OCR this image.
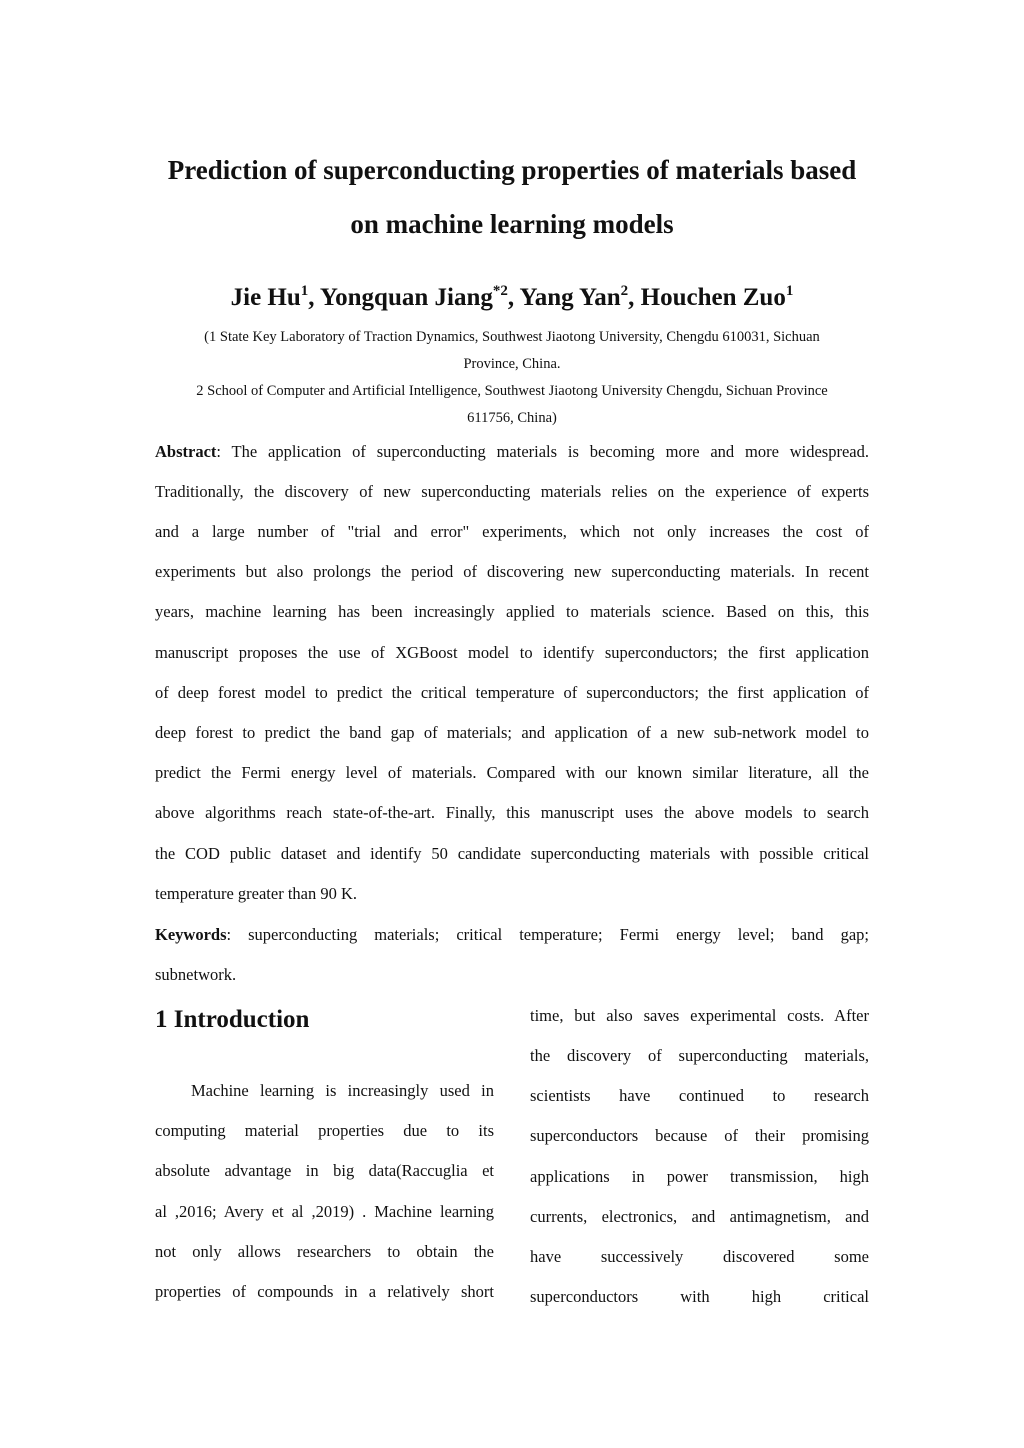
Prediction of superconducting properties of materials based
on machine learning models
Jie Hu$^1$, Yongquan Jiang$^{*2}$, Yang Yan$^2$, Houchen Zuo$^1$
(1 State Key Laboratory of Traction Dynamics, Southwest Jiaotong University, Chengdu 610031, Sichuan
Province, China.
2 School of Computer and Artificial Intelligence, Southwest Jiaotong University Chengdu, Sichuan Province
611756, China)
Abstract: The application of superconducting materials is becoming more and more widespread.
Traditionally, the discovery of new superconducting materials relies on the experience of experts
and a large number of "trial and error" experiments, which not only increases the cost of
experiments but also prolongs the period of discovering new superconducting materials. In recent
years, machine learning has been increasingly applied to materials science. Based on this, this
manuscript proposes the use of XGBoost model to identify superconductors; the first application
of deep forest model to predict the critical temperature of superconductors; the first application of
deep forest to predict the band gap of materials; and application of a new sub-network model to
predict the Fermi energy level of materials. Compared with our known similar literature, all the
above algorithms reach state-of-the-art. Finally, this manuscript uses the above models to search
the COD public dataset and identify 50 candidate superconducting materials with possible critical
temperature greater than 90 K.
Keywords: superconducting materials; critical temperature; Fermi energy level; band gap;
subnetwork.
1 Introduction
Machine learning is increasingly used in
computing material properties due to its
absolute advantage in big data(Raccuglia et
al ,2016; Avery et al ,2019) . Machine learning
not only allows researchers to obtain the
properties of compounds in a relatively short
time, but also saves experimental costs. After
the discovery of superconducting materials,
scientists have continued to research
superconductors because of their promising
applications in power transmission, high
currents, electronics, and antimagnetism, and
have successively discovered some
superconductors with high critical
